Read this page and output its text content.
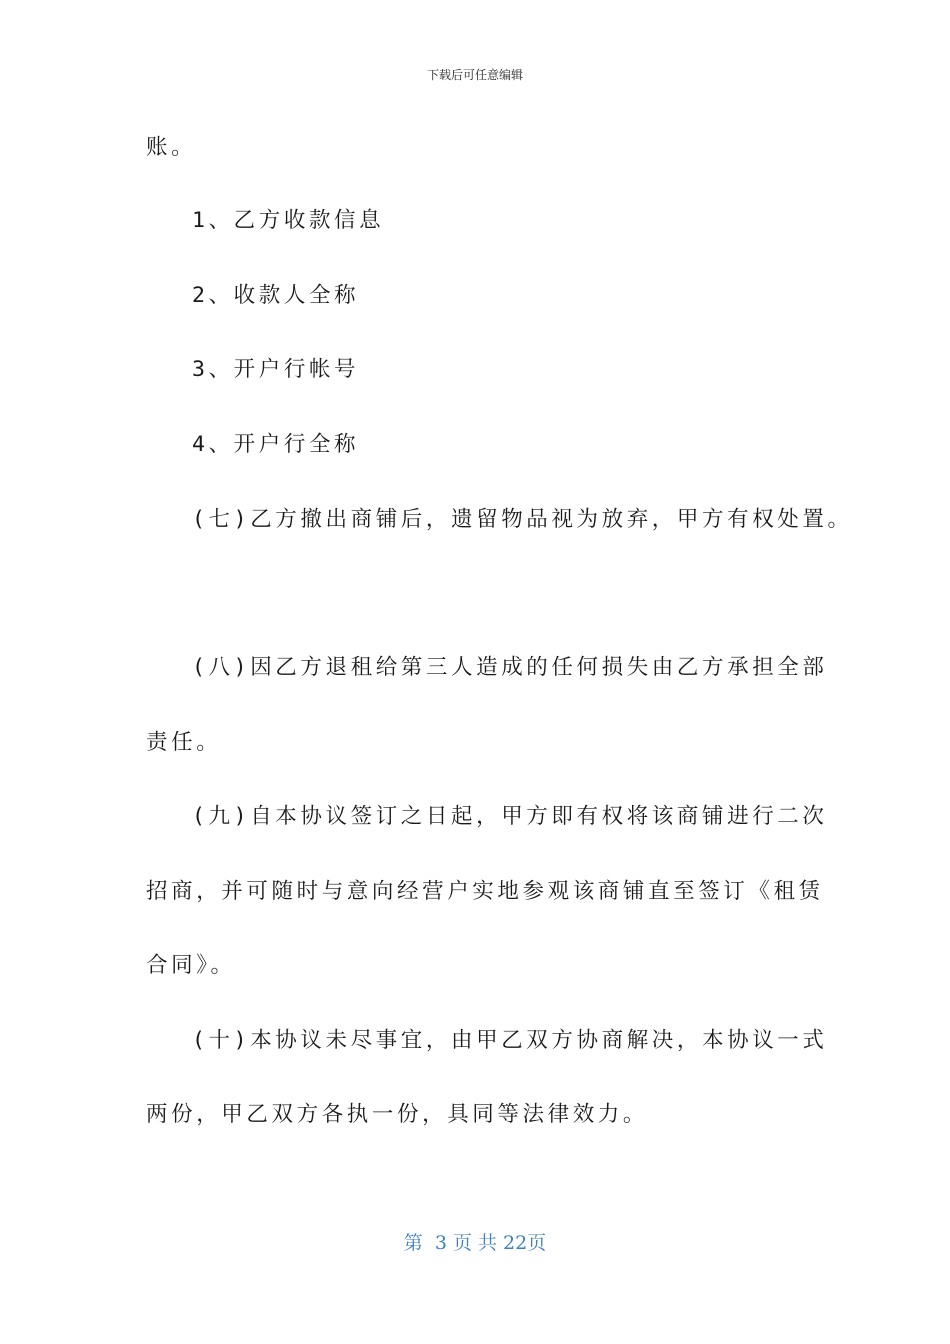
下载后可任意编辑
账。
1、乙方收款信息
2、收款人全称
3、开户行帐号
4、开户行全称
(七)乙方撤出商铺后，遗留物品视为放弃，甲方有权处置。
(八)因乙方退租给第三人造成的任何损失由乙方承担全部
责任。
(九)自本协议签订之日起，甲方即有权将该商铺进行二次
招商，并可随时与意向经营户实地参观该商铺直至签订《租赁
合同》。
(十)本协议未尽事宜，由甲乙双方协商解决，本协议一式
两份，甲乙双方各执一份，具同等法律效力。
第  3 页 共 22页
